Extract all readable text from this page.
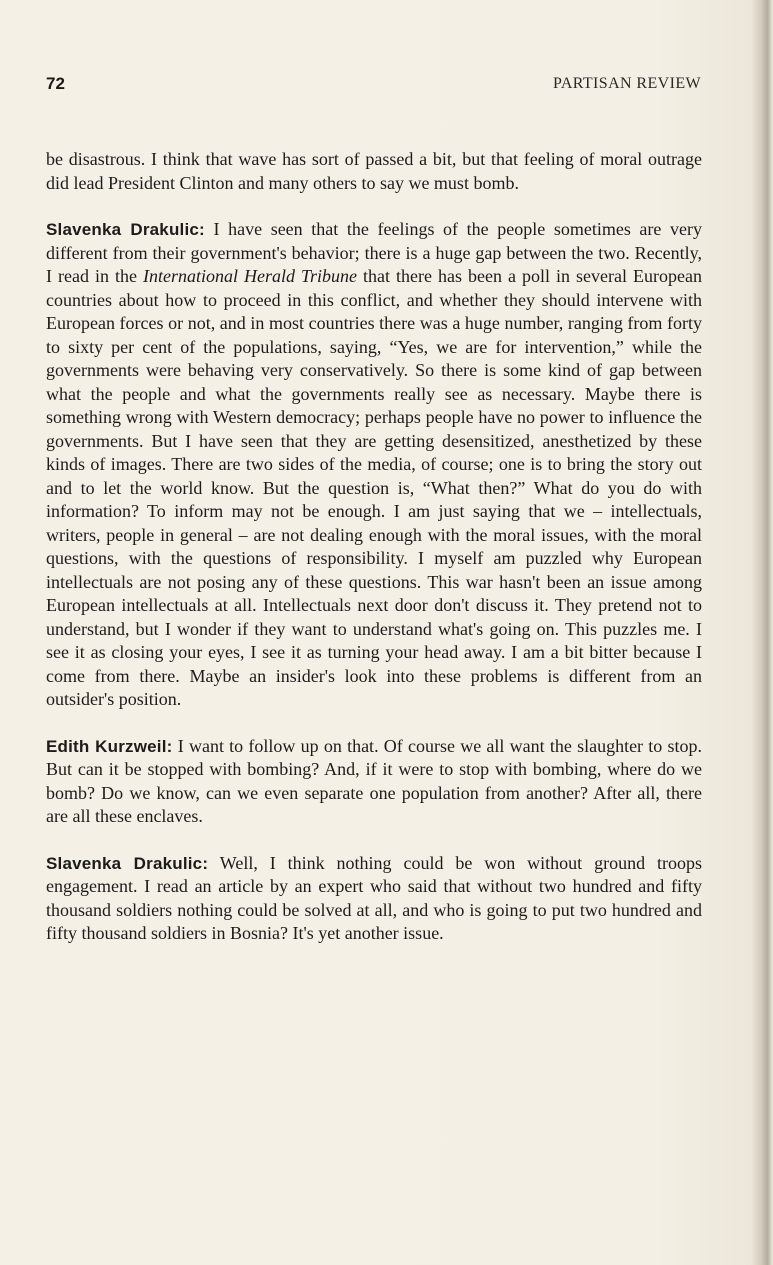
72	PARTISAN REVIEW

be disastrous. I think that wave has sort of passed a bit, but that feeling of moral outrage did lead President Clinton and many others to say we must bomb.

Slavenka Drakulic: I have seen that the feelings of the people sometimes are very different from their government's behavior; there is a huge gap between the two. Recently, I read in the International Herald Tribune that there has been a poll in several European countries about how to proceed in this conflict, and whether they should intervene with European forces or not, and in most countries there was a huge number, ranging from forty to sixty per cent of the populations, saying, “Yes, we are for intervention,” while the governments were behaving very conservatively. So there is some kind of gap between what the people and what the governments really see as necessary. Maybe there is something wrong with Western democracy; perhaps people have no power to influence the governments. But I have seen that they are getting desensitized, anesthetized by these kinds of images. There are two sides of the media, of course; one is to bring the story out and to let the world know. But the question is, “What then?” What do you do with information? To inform may not be enough. I am just saying that we – intellectuals, writers, people in general – are not dealing enough with the moral issues, with the moral questions, with the questions of responsibility. I myself am puzzled why European intellectuals are not posing any of these questions. This war hasn't been an issue among European intellectuals at all. Intellectuals next door don't discuss it. They pretend not to understand, but I wonder if they want to understand what's going on. This puzzles me. I see it as closing your eyes, I see it as turning your head away. I am a bit bitter because I come from there. Maybe an insider's look into these problems is different from an outsider's position.

Edith Kurzweil: I want to follow up on that. Of course we all want the slaughter to stop. But can it be stopped with bombing? And, if it were to stop with bombing, where do we bomb? Do we know, can we even separate one population from another? After all, there are all these enclaves.

Slavenka Drakulic: Well, I think nothing could be won without ground troops engagement. I read an article by an expert who said that without two hundred and fifty thousand soldiers nothing could be solved at all, and who is going to put two hundred and fifty thousand soldiers in Bosnia? It's yet another issue.
